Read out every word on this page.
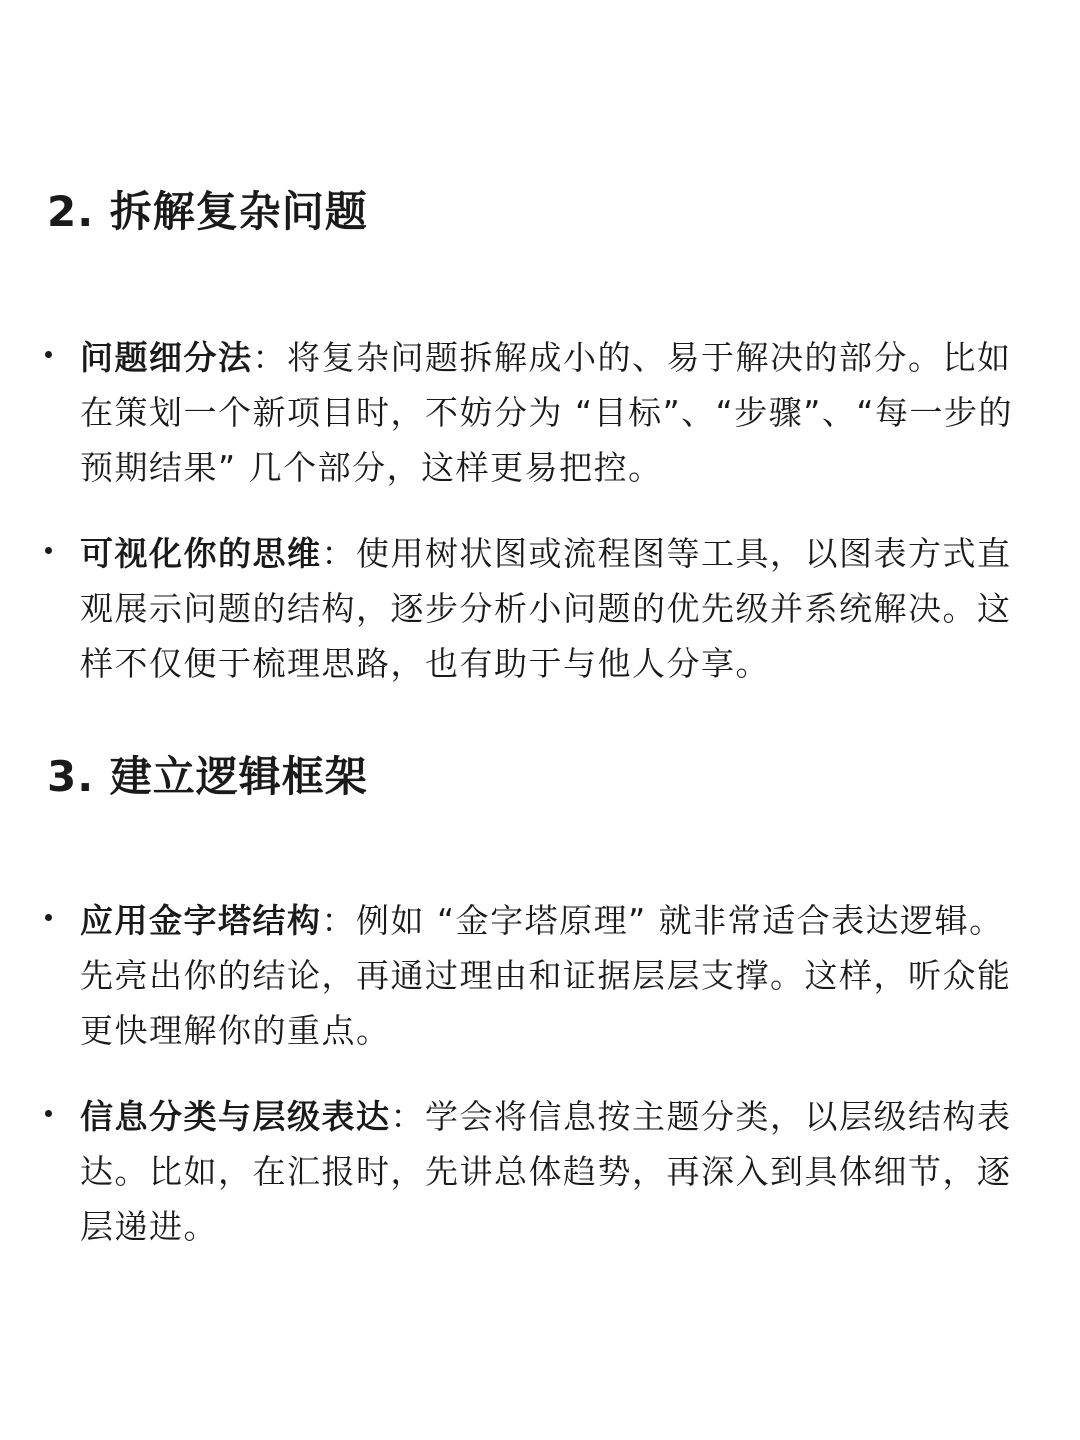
2. 拆解复杂问题

问题细分法：将复杂问题拆解成小的、易于解决的部分。比如在策划一个新项目时，不妨分为 “目标”、“步骤”、“每一步的预期结果” 几个部分，这样更易把控。

可视化你的思维：使用树状图或流程图等工具，以图表方式直观展示问题的结构，逐步分析小问题的优先级并系统解决。这样不仅便于梳理思路，也有助于与他人分享。

3. 建立逻辑框架

应用金字塔结构：例如 “金字塔原理” 就非常适合表达逻辑。先亮出你的结论，再通过理由和证据层层支撑。这样，听众能更快理解你的重点。

信息分类与层级表达：学会将信息按主题分类，以层级结构表达。比如，在汇报时，先讲总体趋势，再深入到具体细节，逐层递进。
